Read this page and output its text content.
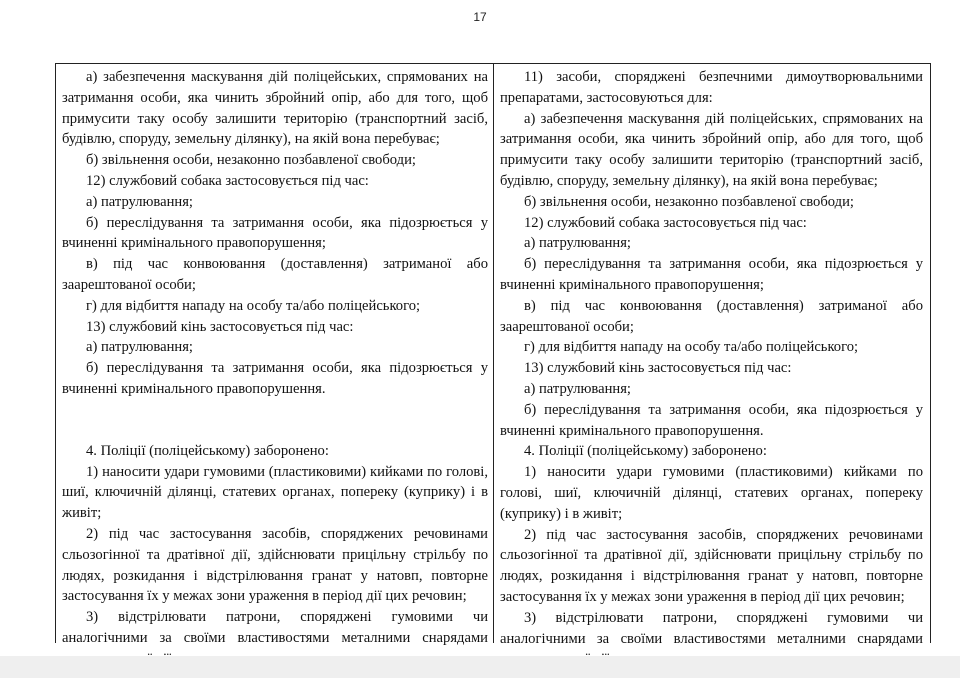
17

а) забезпечення маскування дій поліцейських, спрямованих на затримання особи, яка чинить збройний опір, або для того, щоб примусити таку особу залишити територію (транспортний засіб, будівлю, споруду, земельну ділянку), на якій вона перебуває;

б) звільнення особи, незаконно позбавленої свободи;

12) службовий собака застосовується під час:

а) патрулювання;

б) переслідування та затримання особи, яка підозрюється у вчиненні кримінального правопорушення;

в) під час конвоювання (доставлення) затриманої або заарештованої особи;

г) для відбиття нападу на особу та/або поліцейського;

13) службовий кінь застосовується під час:

а) патрулювання;

б) переслідування та затримання особи, яка підозрюється у вчиненні кримінального правопорушення.

4. Поліції (поліцейському) заборонено:

1) наносити удари гумовими (пластиковими) кийками по голові, шиї, ключичній ділянці, статевих органах, попереку (куприку) і в живіт;

2) під час застосування засобів, споряджених речовинами сльозогінної та дратівної дії, здійснювати прицільну стрільбу по людях, розкидання і відстрілювання гранат у натовп, повторне застосування їх у межах зони ураження в період дії цих речовин;

3) відстрілювати патрони, споряджені гумовими чи аналогічними за своїми властивостями металними снарядами

11) засоби, споряджені безпечними димоутворювальними препаратами, застосовуються для:

а) забезпечення маскування дій поліцейських, спрямованих на затримання особи, яка чинить збройний опір, або для того, щоб примусити таку особу залишити територію (транспортний засіб, будівлю, споруду, земельну ділянку), на якій вона перебуває;

б) звільнення особи, незаконно позбавленої свободи;

12) службовий собака застосовується під час:

а) патрулювання;

б) переслідування та затримання особи, яка підозрюється у вчиненні кримінального правопорушення;

в) під час конвоювання (доставлення) затриманої або заарештованої особи;

г) для відбиття нападу на особу та/або поліцейського;

13) службовий кінь застосовується під час:

а) патрулювання;

б) переслідування та затримання особи, яка підозрюється у вчиненні кримінального правопорушення.

4. Поліції (поліцейському) заборонено:

1) наносити удари гумовими (пластиковими) кийками по голові, шиї, ключичній ділянці, статевих органах, попереку (куприку) і в живіт;

2) під час застосування засобів, споряджених речовинами сльозогінної та дратівної дії, здійснювати прицільну стрільбу по людях, розкидання і відстрілювання гранат у натовп, повторне застосування їх у межах зони ураження в період дії цих речовин;

3) відстрілювати патрони, споряджені гумовими чи аналогічними за своїми властивостями металними снарядами
